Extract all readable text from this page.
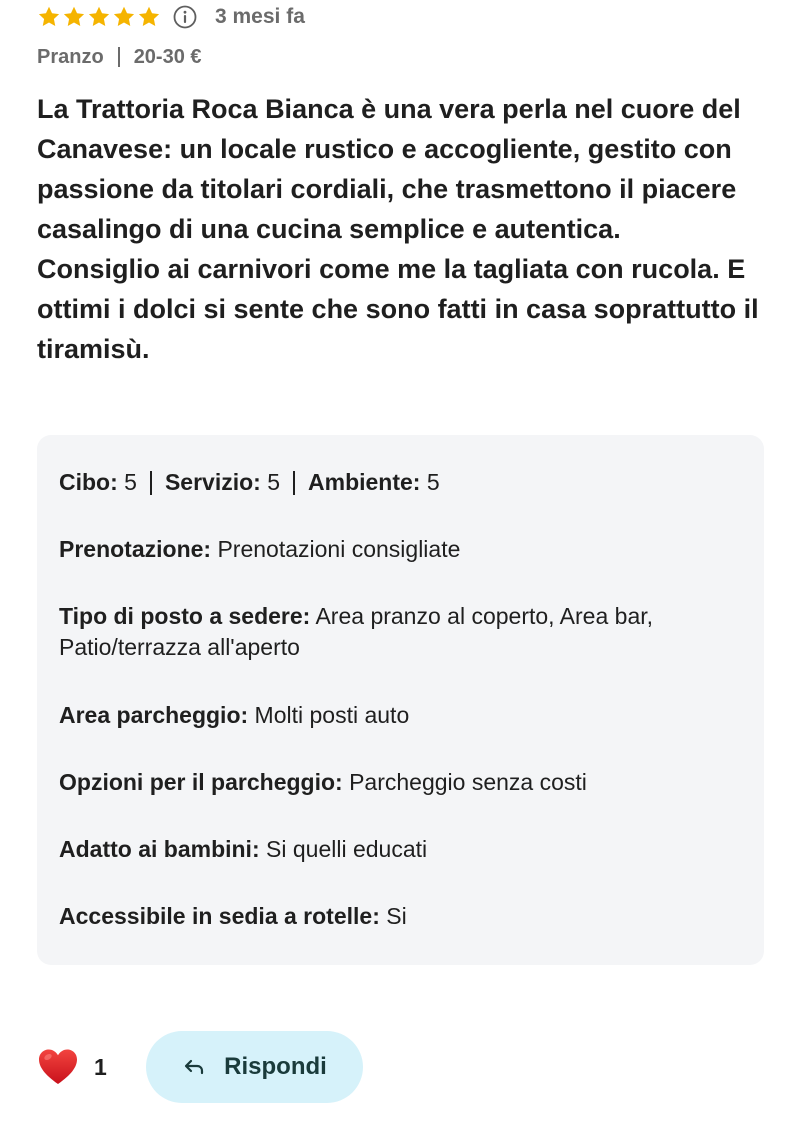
3 mesi fa
Pranzo 20-30 €

La Trattoria Roca Bianca è una vera perla nel cuore del Canavese: un locale rustico e accogliente, gestito con passione da titolari cordiali, che trasmettono il piacere casalingo di una cucina semplice e autentica.

Consiglio ai carnivori come me la tagliata con rucola. E ottimi i dolci si sente che sono fatti in casa soprattutto il tiramisù.

Cibo:
5 Servizio:
5 Ambiente:
5
Prenotazione: Prenotazioni consigliate
Tipo di posto a sedere: Area pranzo al coperto, Area bar, Patio/terrazza all'aperto
Area parcheggio: Molti posti auto
Opzioni per il parcheggio: Parcheggio senza costi
Adatto ai bambini: Si quelli educati
Accessibile in sedia a rotelle: Si
1	Rispondi
